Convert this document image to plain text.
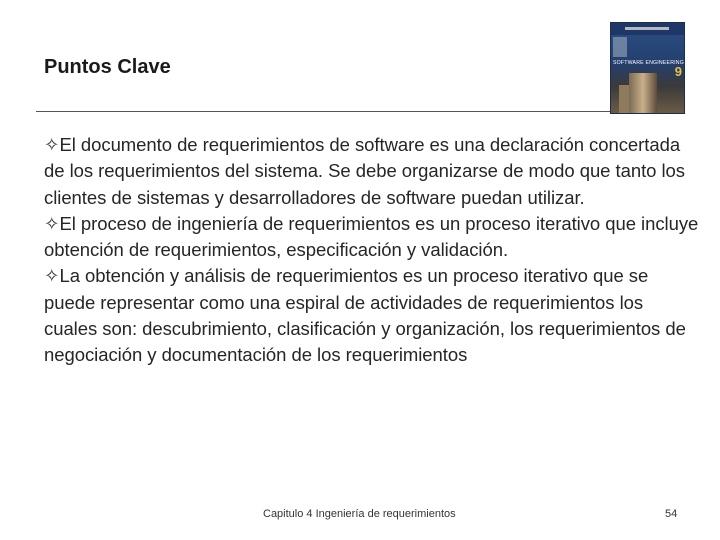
Puntos Clave	SOFTWARE ENGINEERING
9

✧El documento de requerimientos de software es una declaración concertada de los requerimientos del sistema. Se debe organizarse de modo que tanto los clientes de sistemas y desarrolladores de software puedan utilizar.

✧El proceso de ingeniería de requerimientos es un proceso iterativo que incluye obtención de requerimientos, especificación y validación.

✧La obtención y análisis de requerimientos es un proceso iterativo que se puede representar como una espiral de actividades de requerimientos los cuales son: descubrimiento, clasificación y organización, los requerimientos de negociación y documentación de los requerimientos

Capitulo 4 Ingeniería de requerimientos	54
